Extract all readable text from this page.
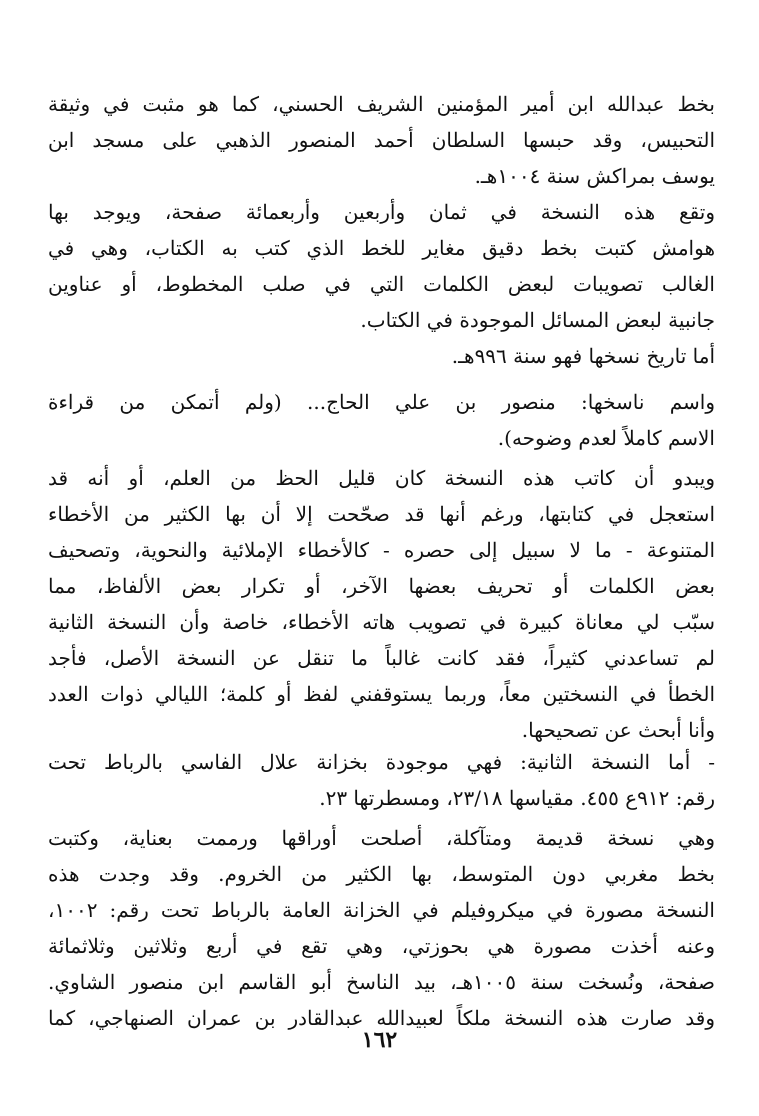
بخط عبدالله ابن أمير المؤمنين الشريف الحسني، كما هو مثبت في وثيقة
التحبيس، وقد حبسها السلطان أحمد المنصور الذهبي على مسجد ابن
يوسف بمراكش سنة ١٠٠٤هـ.
وتقع هذه النسخة في ثمان وأربعين وأربعمائة صفحة، ويوجد بها
هوامش كتبت بخط دقيق مغاير للخط الذي كتب به الكتاب، وهي في
الغالب تصويبات لبعض الكلمات التي في صلب المخطوط، أو عناوين
جانبية لبعض المسائل الموجودة في الكتاب.
أما تاريخ نسخها فهو سنة ٩٩٦هـ.
واسم ناسخها: منصور بن علي الحاج... (ولم أتمكن من قراءة
الاسم كاملاً لعدم وضوحه).
ويبدو أن كاتب هذه النسخة كان قليل الحظ من العلم، أو أنه قد
استعجل في كتابتها، ورغم أنها قد صحّحت إلا أن بها الكثير من الأخطاء
المتنوعة - ما لا سبيل إلى حصره - كالأخطاء الإملائية والنحوية، وتصحيف
بعض الكلمات أو تحريف بعضها الآخر، أو تكرار بعض الألفاظ، مما
سبّب لي معاناة كبيرة في تصويب هاته الأخطاء، خاصة وأن النسخة الثانية
لم تساعدني كثيراً، فقد كانت غالباً ما تنقل عن النسخة الأصل، فأجد
الخطأ في النسختين معاً، وربما يستوقفني لفظ أو كلمة؛ الليالي ذوات العدد
وأنا أبحث عن تصحيحها.
- أما النسخة الثانية: فهي موجودة بخزانة علال الفاسي بالرباط تحت
رقم: ٩١٢ع ٤٥٥. مقياسها ٢٣/١٨، ومسطرتها ٢٣.
وهي نسخة قديمة ومتآكلة، أصلحت أوراقها ورممت بعناية، وكتبت
بخط مغربي دون المتوسط، بها الكثير من الخروم. وقد وجدت هذه
النسخة مصورة في ميكروفيلم في الخزانة العامة بالرباط تحت رقم: ١٠٠٢،
وعنه أخذت مصورة هي بحوزتي، وهي تقع في أربع وثلاثين وثلاثمائة
صفحة، ونُسخت سنة ١٠٠٥هـ، بيد الناسخ أبو القاسم ابن منصور الشاوي.
وقد صارت هذه النسخة ملكاً لعبيدالله عبدالقادر بن عمران الصنهاجي، كما
١٦٢
